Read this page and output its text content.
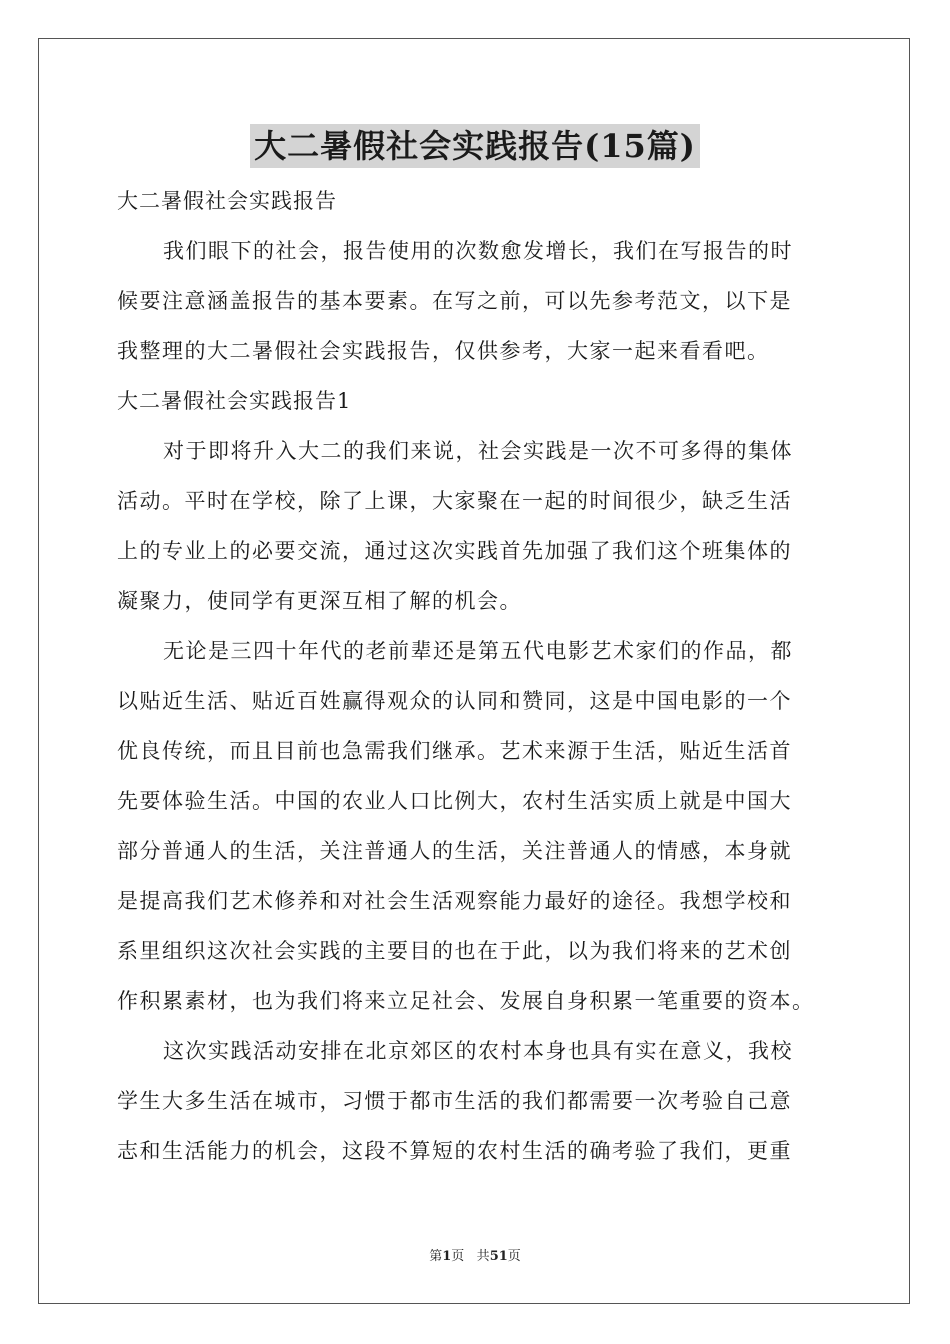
大二暑假社会实践报告(15篇)
大二暑假社会实践报告
我们眼下的社会，报告使用的次数愈发增长，我们在写报告的时
候要注意涵盖报告的基本要素。在写之前，可以先参考范文，以下是
我整理的大二暑假社会实践报告，仅供参考，大家一起来看看吧。
大二暑假社会实践报告1
对于即将升入大二的我们来说，社会实践是一次不可多得的集体
活动。平时在学校，除了上课，大家聚在一起的时间很少，缺乏生活
上的专业上的必要交流，通过这次实践首先加强了我们这个班集体的
凝聚力，使同学有更深互相了解的机会。
无论是三四十年代的老前辈还是第五代电影艺术家们的作品，都
以贴近生活、贴近百姓赢得观众的认同和赞同，这是中国电影的一个
优良传统，而且目前也急需我们继承。艺术来源于生活，贴近生活首
先要体验生活。中国的农业人口比例大，农村生活实质上就是中国大
部分普通人的生活，关注普通人的生活，关注普通人的情感，本身就
是提高我们艺术修养和对社会生活观察能力最好的途径。我想学校和
系里组织这次社会实践的主要目的也在于此，以为我们将来的艺术创
作积累素材，也为我们将来立足社会、发展自身积累一笔重要的资本。
这次实践活动安排在北京郊区的农村本身也具有实在意义，我校
学生大多生活在城市，习惯于都市生活的我们都需要一次考验自己意
志和生活能力的机会，这段不算短的农村生活的确考验了我们，更重
第1页 共51页
